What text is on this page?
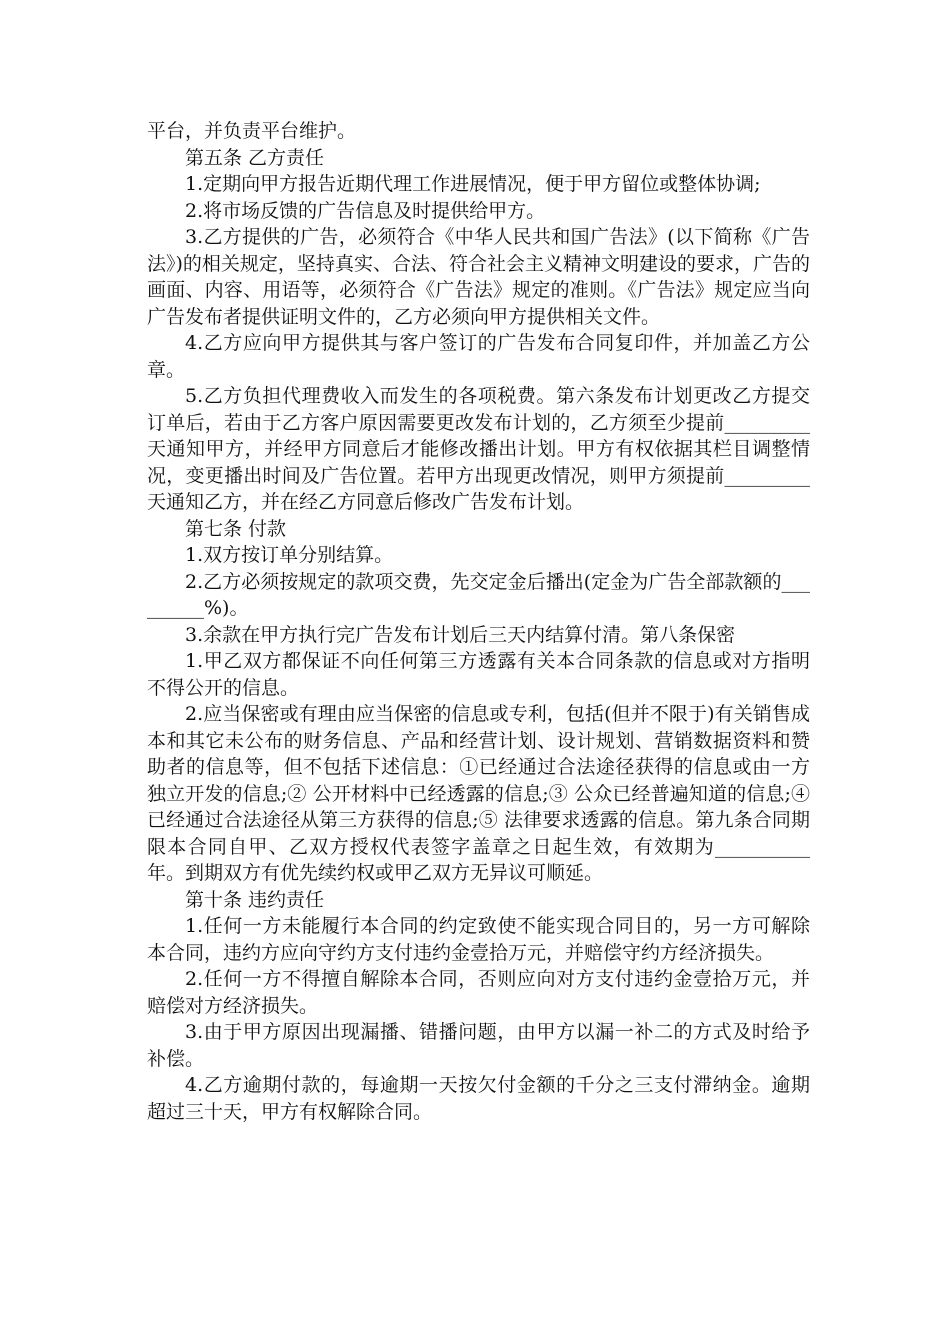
平台，并负责平台维护。

第五条 乙方责任

1.定期向甲方报告近期代理工作进展情况，便于甲方留位或整体协调;

2.将市场反馈的广告信息及时提供给甲方。

3.乙方提供的广告，必须符合《中华人民共和国广告法》(以下简称《广告法》)的相关规定，坚持真实、合法、符合社会主义精神文明建设的要求，广告的画面、内容、用语等，必须符合《广告法》规定的准则。《广告法》规定应当向广告发布者提供证明文件的，乙方必须向甲方提供相关文件。

4.乙方应向甲方提供其与客户签订的广告发布合同复印件，并加盖乙方公章。

5.乙方负担代理费收入而发生的各项税费。第六条发布计划更改乙方提交订单后，若由于乙方客户原因需要更改发布计划的，乙方须至少提前_________天通知甲方，并经甲方同意后才能修改播出计划。甲方有权依据其栏目调整情况，变更播出时间及广告位置。若甲方出现更改情况，则甲方须提前_________天通知乙方，并在经乙方同意后修改广告发布计划。

第七条 付款

1.双方按订单分别结算。

2.乙方必须按规定的款项交费，先交定金后播出(定金为广告全部款额的_________%)。

3.余款在甲方执行完广告发布计划后三天内结算付清。第八条保密

1.甲乙双方都保证不向任何第三方透露有关本合同条款的信息或对方指明不得公开的信息。

2.应当保密或有理由应当保密的信息或专利，包括(但并不限于)有关销售成本和其它未公布的财务信息、产品和经营计划、设计规划、营销数据资料和赞助者的信息等，但不包括下述信息：①已经通过合法途径获得的信息或由一方独立开发的信息;② 公开材料中已经透露的信息;③ 公众已经普遍知道的信息;④ 已经通过合法途径从第三方获得的信息;⑤ 法律要求透露的信息。第九条合同期限本合同自甲、乙双方授权代表签字盖章之日起生效，有效期为__________年。到期双方有优先续约权或甲乙双方无异议可顺延。

第十条 违约责任

1.任何一方未能履行本合同的约定致使不能实现合同目的，另一方可解除本合同，违约方应向守约方支付违约金壹拾万元，并赔偿守约方经济损失。

2.任何一方不得擅自解除本合同，否则应向对方支付违约金壹拾万元，并赔偿对方经济损失。

3.由于甲方原因出现漏播、错播问题，由甲方以漏一补二的方式及时给予补偿。

4.乙方逾期付款的，每逾期一天按欠付金额的千分之三支付滞纳金。逾期超过三十天，甲方有权解除合同。
